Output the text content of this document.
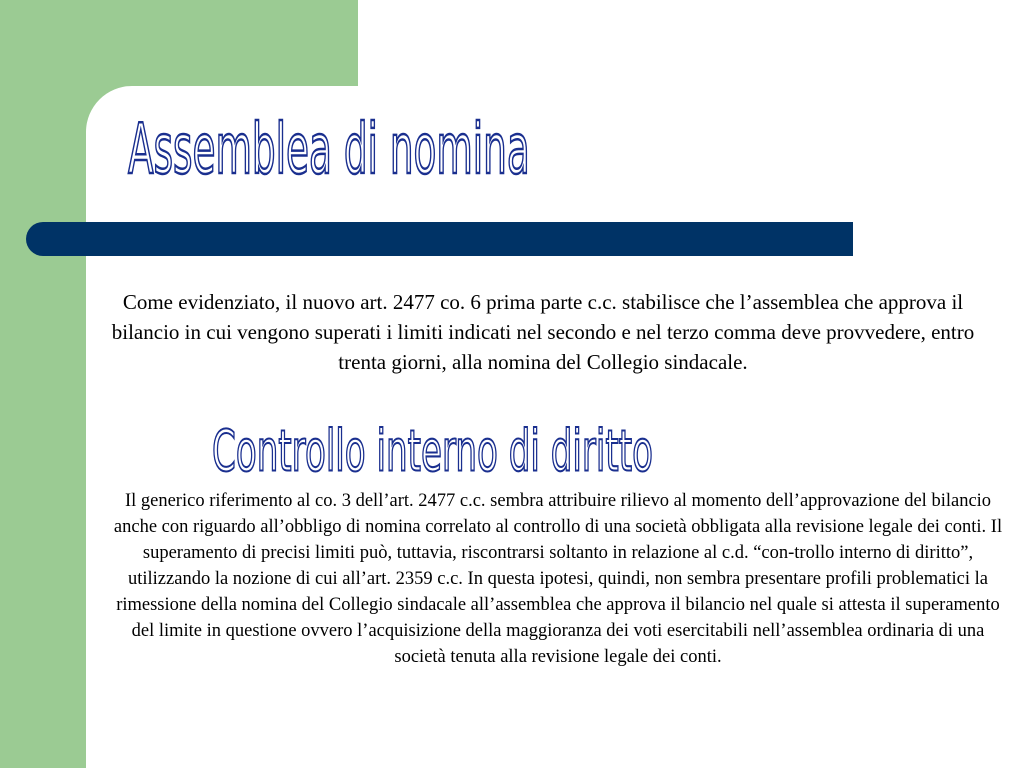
Assemblea di nomina

Come evidenziato, il nuovo art. 2477 co. 6 prima parte c.c. stabilisce che l’assemblea che approva il bilancio in cui vengono superati i limiti indicati nel secondo e nel terzo comma deve provvedere, entro trenta giorni, alla nomina del Collegio sindacale.

Controllo interno di diritto

Il generico riferimento al co. 3 dell’art. 2477 c.c. sembra attribuire rilievo al momento dell’approvazione del bilancio anche con riguardo all’obbligo di nomina correlato al controllo di una società obbligata alla revisione legale dei conti. Il superamento di precisi limiti può, tuttavia, riscontrarsi soltanto in relazione al c.d. “con-trollo interno di diritto”, utilizzando la nozione di cui all’art. 2359 c.c. In questa ipotesi, quindi, non sembra presentare profili problematici la rimessione della nomina del Collegio sindacale all’assemblea che approva il bilancio nel quale si attesta il superamento del limite in questione ovvero l’acquisizione della maggioranza dei voti esercitabili nell’assemblea ordinaria di una società tenuta alla revisione legale dei conti.
